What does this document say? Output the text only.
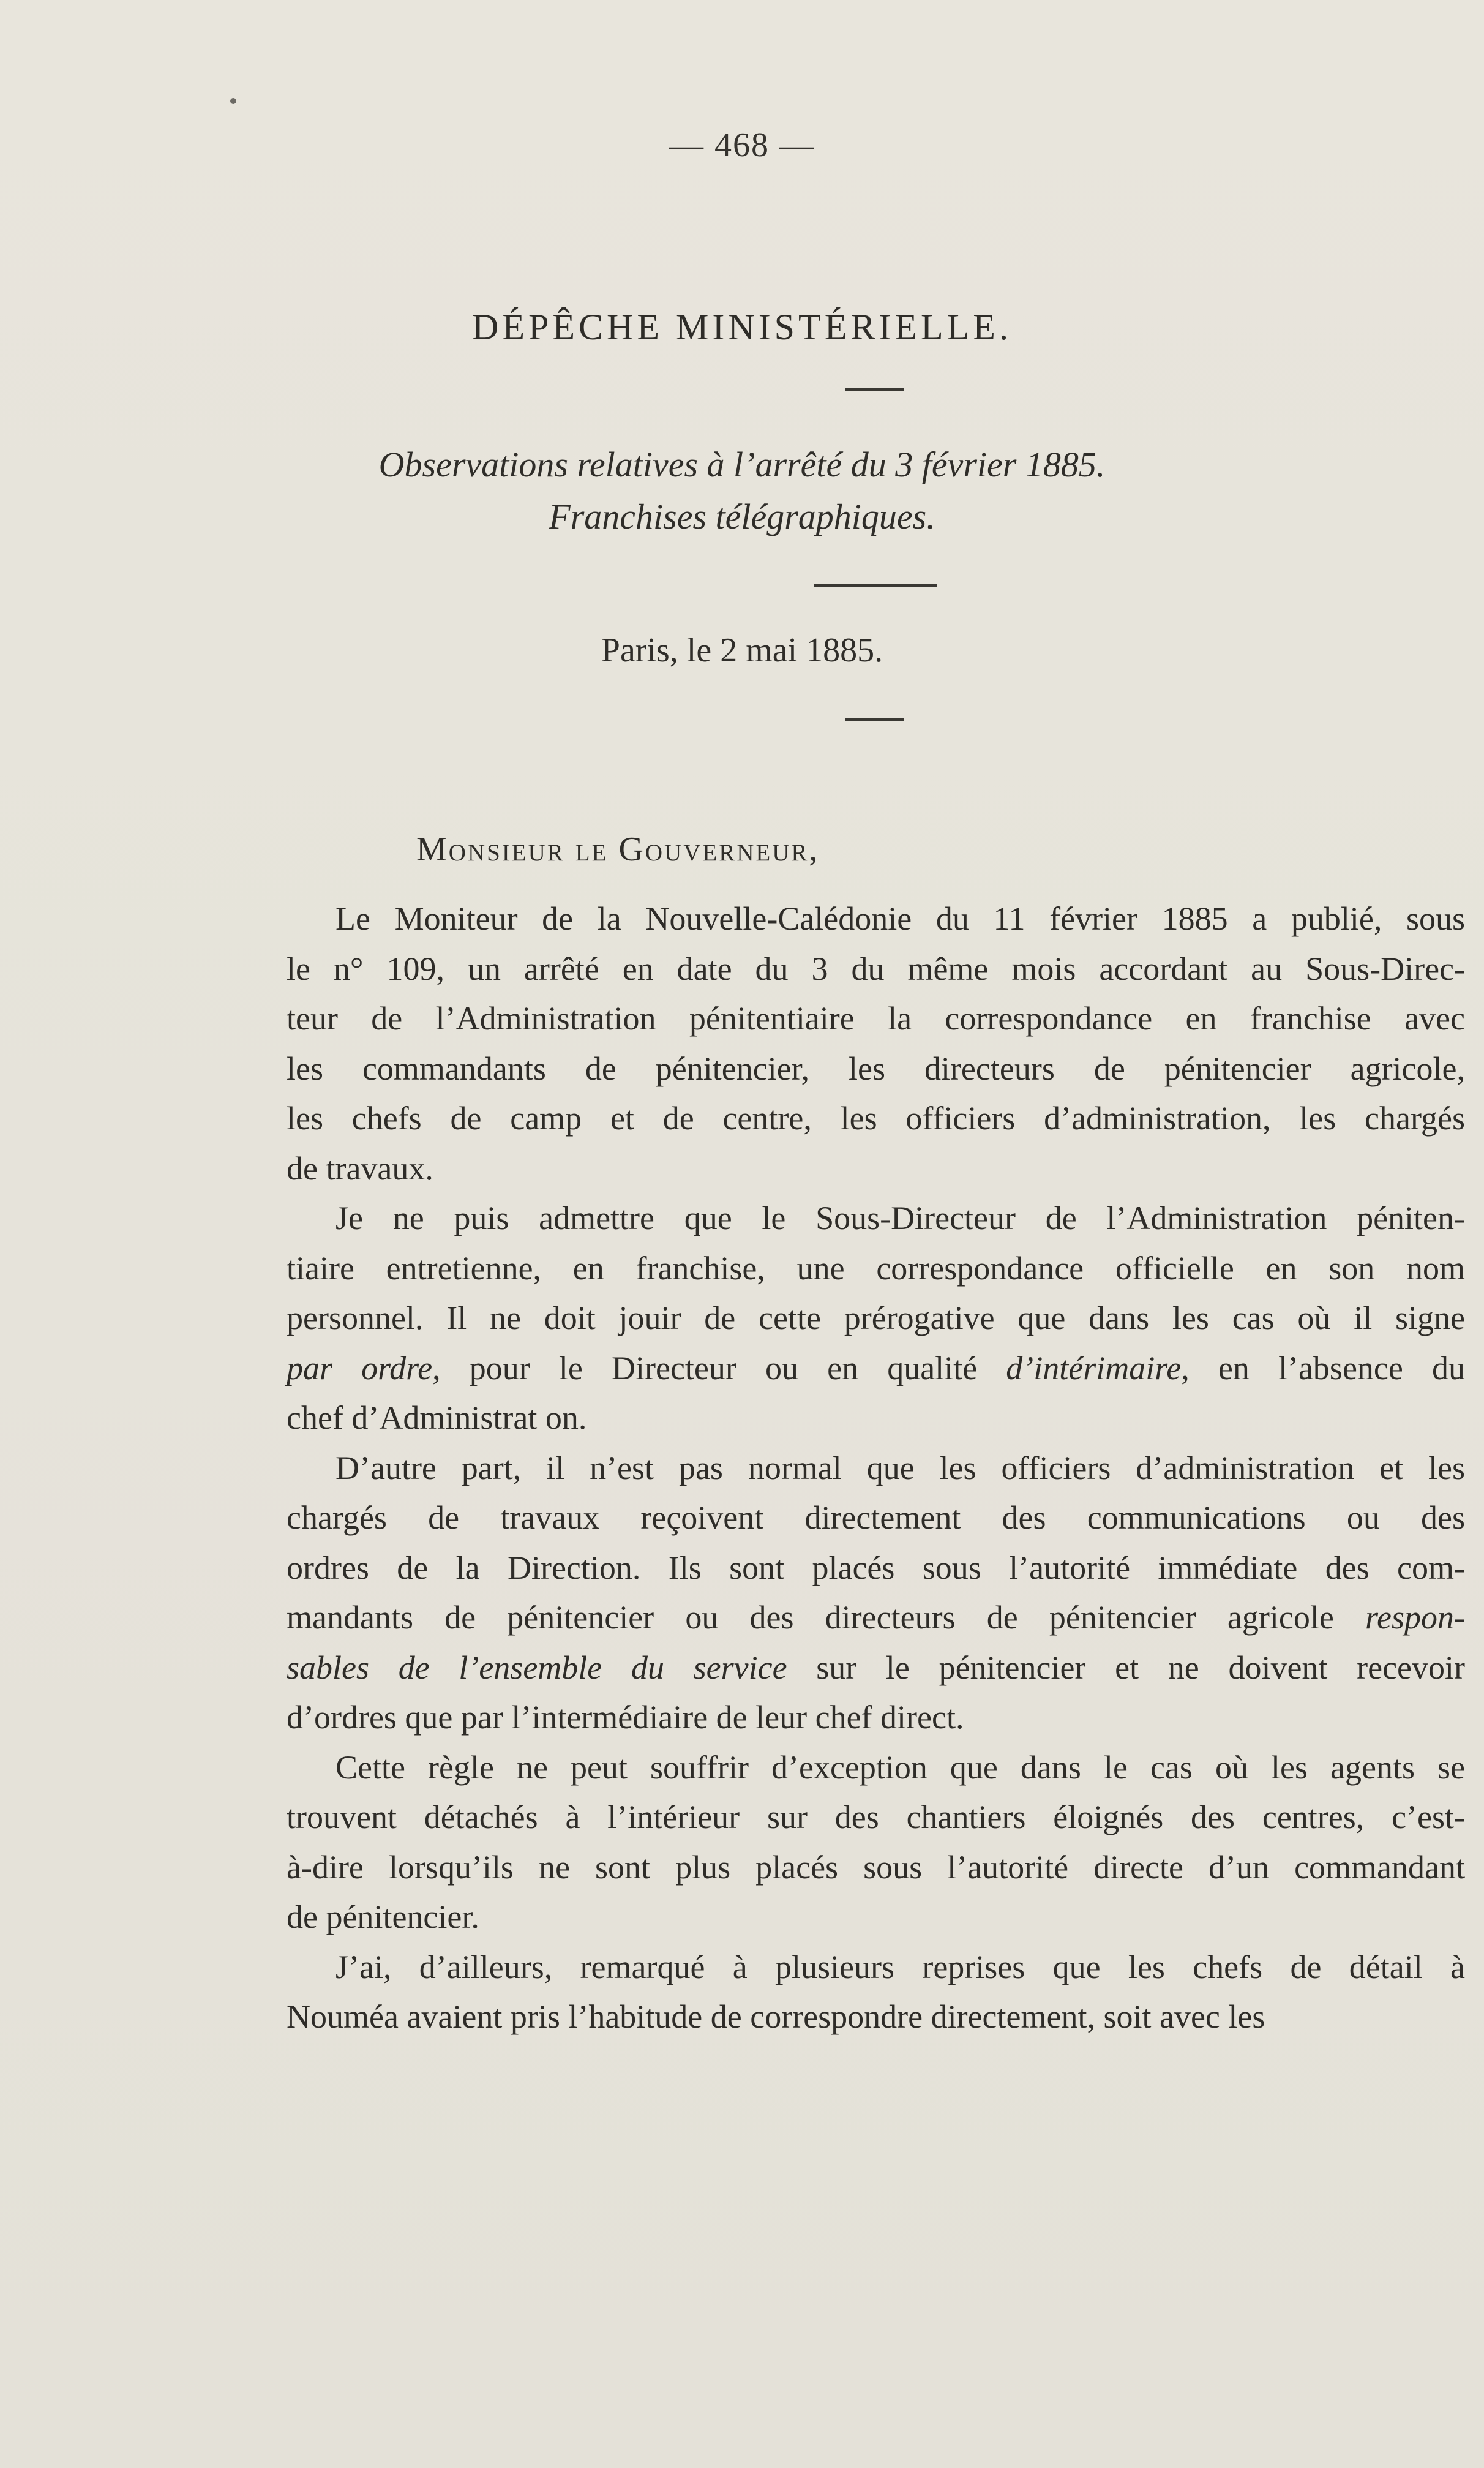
— 468 —
DÉPÊCHE MINISTÉRIELLE.
Observations relatives à l’arrêté du 3 février 1885.
Franchises télégraphiques.
Paris, le 2 mai 1885.
Monsieur le Gouverneur,
Le Moniteur de la Nouvelle-Calédonie du 11 février 1885 a publié, sous
le n° 109, un arrêté en date du 3 du même mois accordant au Sous-Direc-
teur de l’Administration pénitentiaire la correspondance en franchise avec
les commandants de pénitencier, les directeurs de pénitencier agricole,
les chefs de camp et de centre, les officiers d’administration, les chargés
de travaux.
Je ne puis admettre que le Sous-Directeur de l’Administration péniten-
tiaire entretienne, en franchise, une correspondance officielle en son nom
personnel. Il ne doit jouir de cette prérogative que dans les cas où il signe
par ordre, pour le Directeur ou en qualité d’intérimaire, en l’absence du
chef d’Administrat on.
D’autre part, il n’est pas normal que les officiers d’administration et les
chargés de travaux reçoivent directement des communications ou des
ordres de la Direction. Ils sont placés sous l’autorité immédiate des com-
mandants de pénitencier ou des directeurs de pénitencier agricole respon-
sables de l’ensemble du service sur le pénitencier et ne doivent recevoir
d’ordres que par l’intermédiaire de leur chef direct.
Cette règle ne peut souffrir d’exception que dans le cas où les agents se
trouvent détachés à l’intérieur sur des chantiers éloignés des centres, c’est-
à-dire lorsqu’ils ne sont plus placés sous l’autorité directe d’un commandant
de pénitencier.
J’ai, d’ailleurs, remarqué à plusieurs reprises que les chefs de détail à
Nouméa avaient pris l’habitude de correspondre directement, soit avec les
